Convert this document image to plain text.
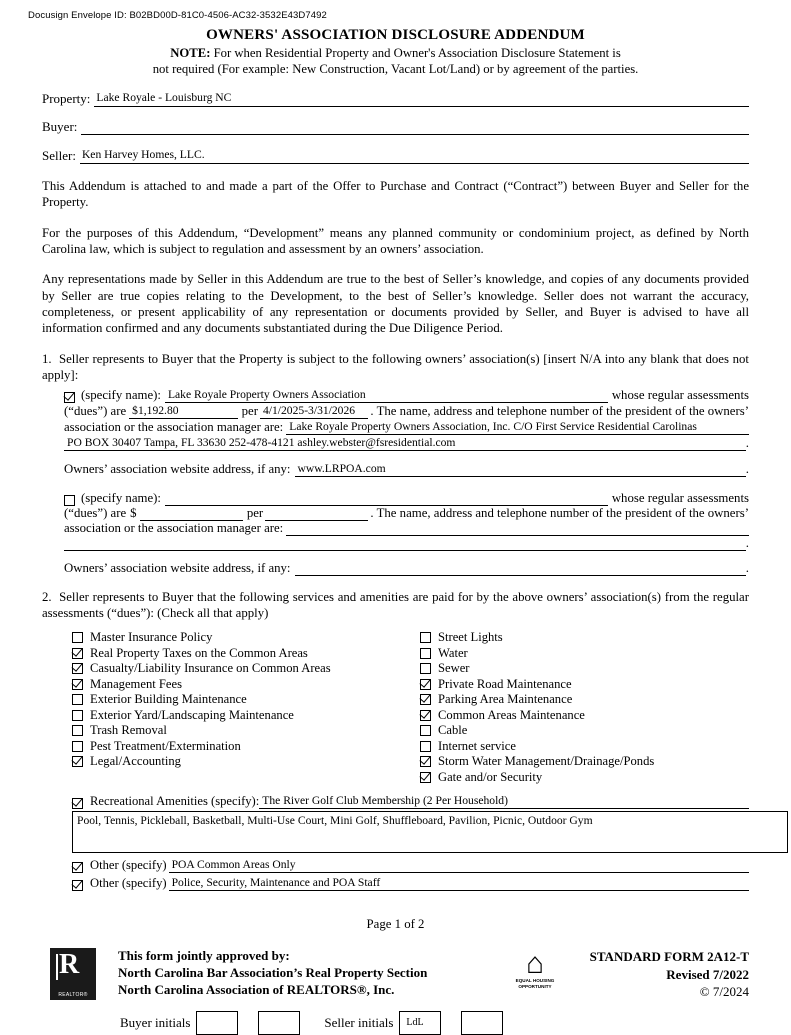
Docusign Envelope ID: B02BD00D-81C0-4506-AC32-3532E43D7492
OWNERS' ASSOCIATION DISCLOSURE ADDENDUM
NOTE: For when Residential Property and Owner's Association Disclosure Statement is
not required (For example: New Construction, Vacant Lot/Land) or by agreement of the parties.
Property: Lake Royale - Louisburg NC
Buyer:
Seller: Ken Harvey Homes, LLC.

This Addendum is attached to and made a part of the Offer to Purchase and Contract (“Contract”) between Buyer and Seller for the Property.

For the purposes of this Addendum, “Development” means any planned community or condominium project, as defined by North Carolina law, which is subject to regulation and assessment by an owners’ association.

Any representations made by Seller in this Addendum are true to the best of Seller’s knowledge, and copies of any documents provided by Seller are true copies relating to the Development, to the best of Seller’s knowledge. Seller does not warrant the accuracy, completeness, or present applicability of any representation or documents provided by Seller, and Buyer is advised to have all information confirmed and any documents substantiated during the Due Diligence Period.

1. Seller represents to Buyer that the Property is subject to the following owners’ association(s) [insert N/A into any blank that does not apply]:
(specify name): Lake Royale Property Owners Association	whose regular assessments
(“dues”) are $1,192.80	per 4/1/2025-3/31/2026	. The name, address and telephone number of the president of the owners’
association or the association manager are: Lake Royale Property Owners Association, Inc. C/O First Service Residential Carolinas
PO BOX 30407 Tampa, FL 33630 252-478-4121 ashley.webster@fsresidential.com	.
Owners’ association website address, if any: www.LRPOA.com	.
(specify name):	whose regular assessments
(“dues”) are $	per	. The name, address and telephone number of the president of the owners’
association or the association manager are:
.
Owners’ association website address, if any:	.
2. Seller represents to Buyer that the following services and amenities are paid for by the above owners’ association(s) from the regular assessments (“dues”): (Check all that apply)
Master Insurance Policy
Real Property Taxes on the Common Areas
Casualty/Liability Insurance on Common Areas
Management Fees
Exterior Building Maintenance
Exterior Yard/Landscaping Maintenance
Trash Removal
Pest Treatment/Extermination
Legal/Accounting
Street Lights
Water
Sewer
Private Road Maintenance
Parking Area Maintenance
Common Areas Maintenance
Cable
Internet service
Storm Water Management/Drainage/Ponds
Gate and/or Security
Recreational Amenities (specify): The River Golf Club Membership (2 Per Household)
Pool, Tennis, Pickleball, Basketball, Multi-Use Court, Mini Golf, Shuffleboard, Pavilion, Picnic, Outdoor Gym
Other (specify) POA Common Areas Only
Other (specify) Police, Security, Maintenance and POA Staff
Page 1 of 2
R
REALTOR®
This form jointly approved by:
North Carolina Bar Association’s Real Property Section
North Carolina Association of REALTORS®, Inc.
⌂
EQUAL HOUSING OPPORTUNITY
STANDARD FORM 2A12-T
Revised 7/2022
© 7/2024
Buyer initials	Seller initials LdL
